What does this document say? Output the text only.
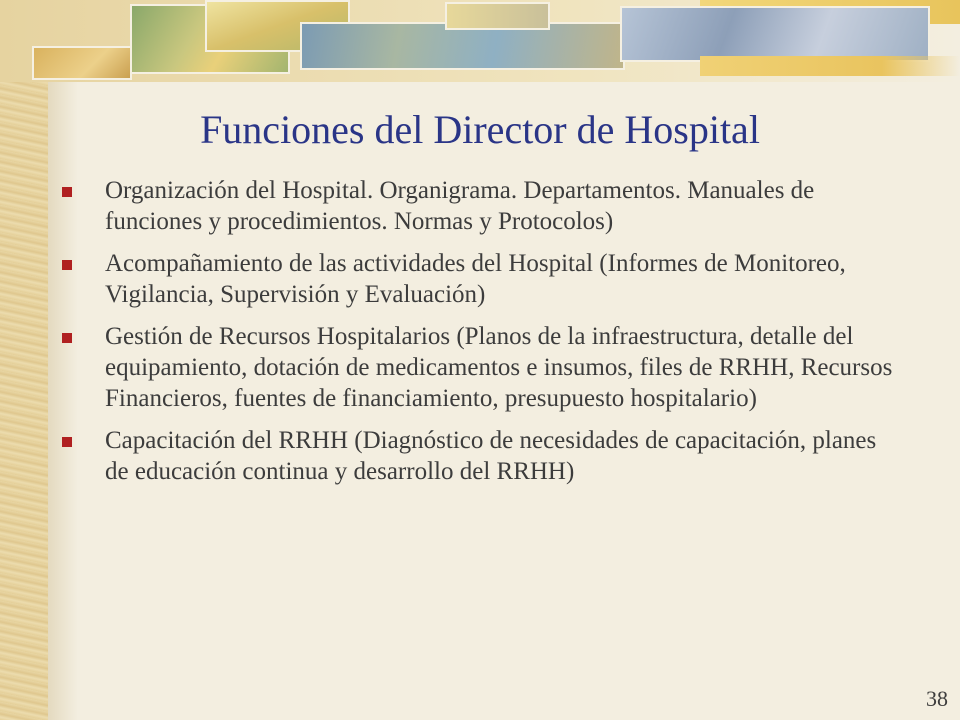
Funciones del Director de Hospital
Organización del Hospital. Organigrama. Departamentos. Manuales de funciones y procedimientos. Normas y Protocolos)
Acompañamiento de las actividades del Hospital (Informes de Monitoreo, Vigilancia, Supervisión y Evaluación)
Gestión de Recursos Hospitalarios (Planos de la infraestructura, detalle del equipamiento, dotación de medicamentos e insumos, files de RRHH, Recursos Financieros, fuentes de financiamiento, presupuesto hospitalario)
Capacitación del RRHH (Diagnóstico de necesidades de capacitación, planes de educación continua y desarrollo del RRHH)
38
